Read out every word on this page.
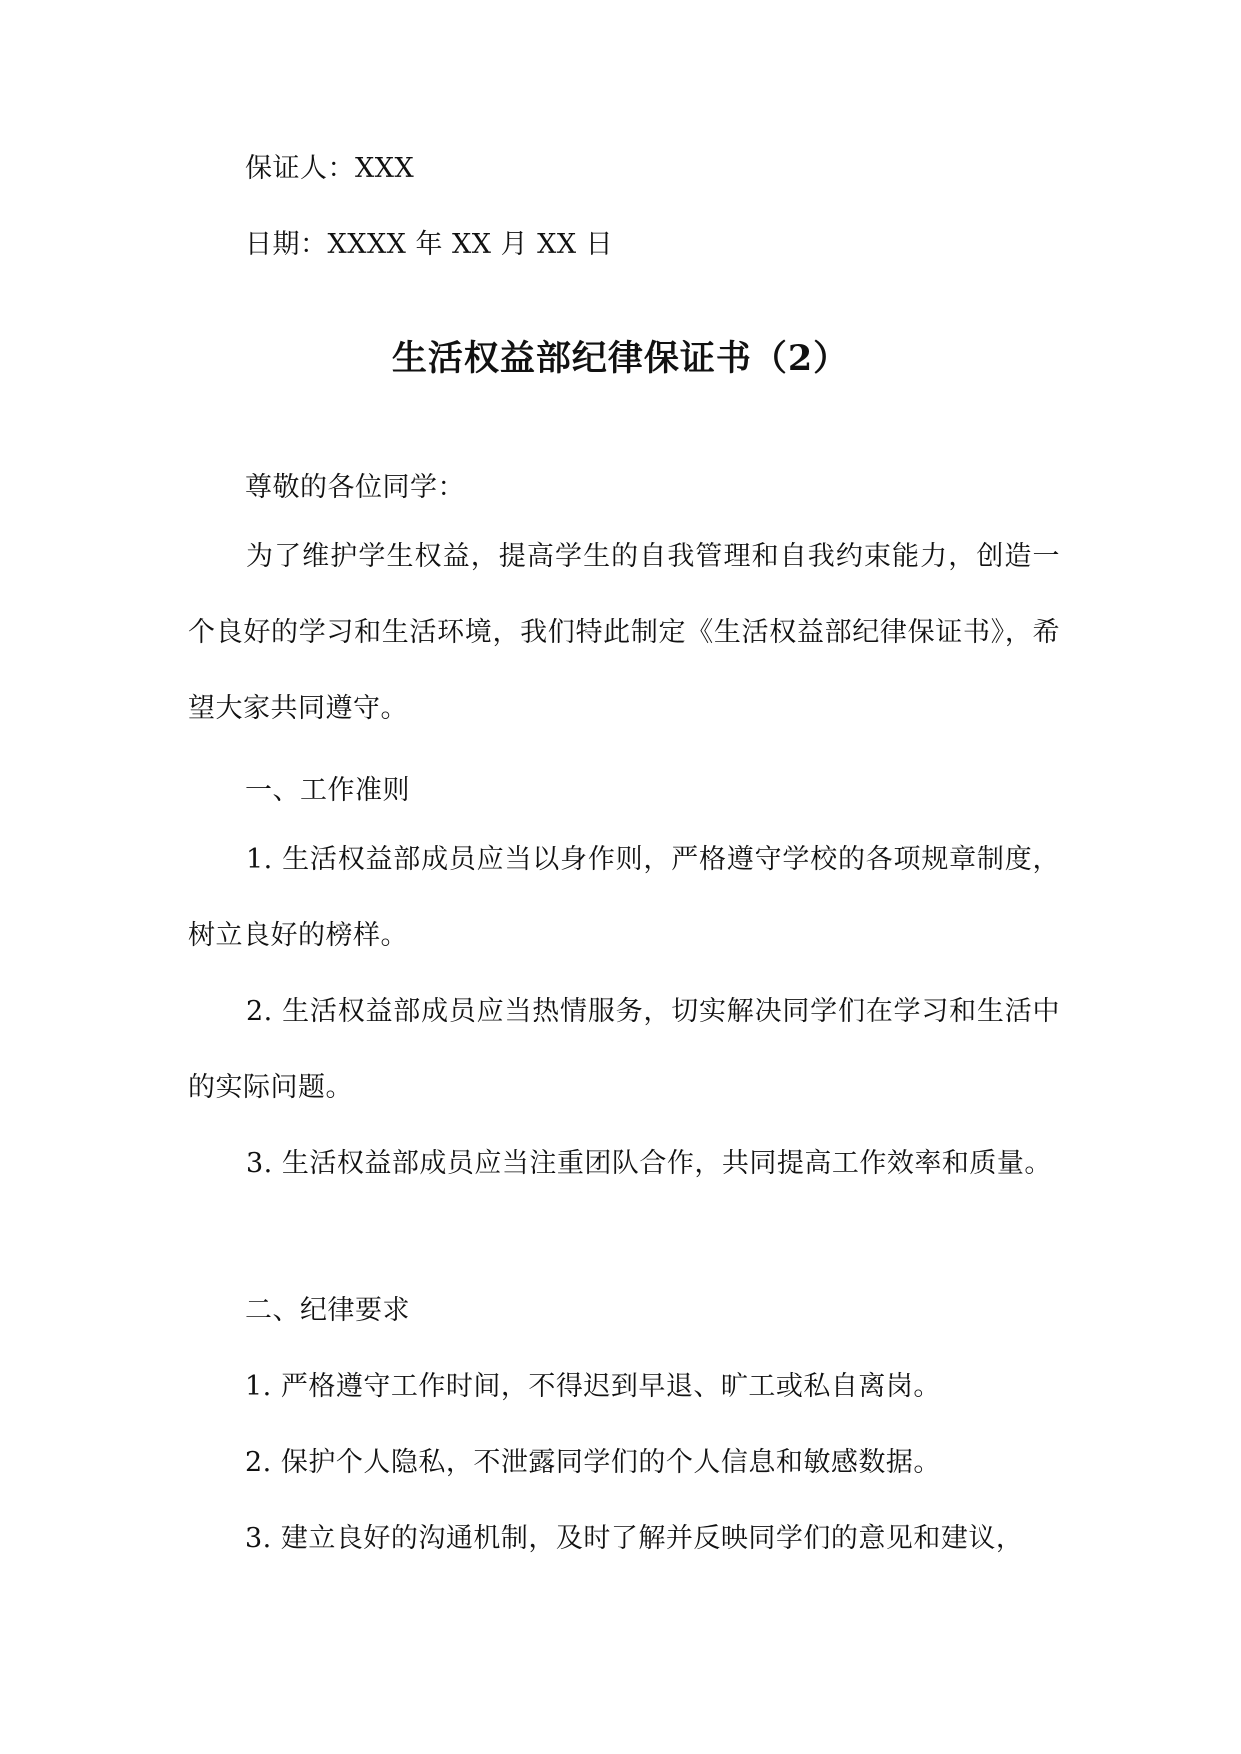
保证人：XXX
日期：XXXX 年 XX 月 XX 日
生活权益部纪律保证书（2）
尊敬的各位同学：

为了维护学生权益，提高学生的自我管理和自我约束能力，创造一个良好的学习和生活环境，我们特此制定《生活权益部纪律保证书》，希望大家共同遵守。

一、工作准则

1. 生活权益部成员应当以身作则，严格遵守学校的各项规章制度，树立良好的榜样。

2. 生活权益部成员应当热情服务，切实解决同学们在学习和生活中的实际问题。

3. 生活权益部成员应当注重团队合作，共同提高工作效率和质量。

二、纪律要求
1. 严格遵守工作时间，不得迟到早退、旷工或私自离岗。
2. 保护个人隐私，不泄露同学们的个人信息和敏感数据。
3. 建立良好的沟通机制，及时了解并反映同学们的意见和建议，
